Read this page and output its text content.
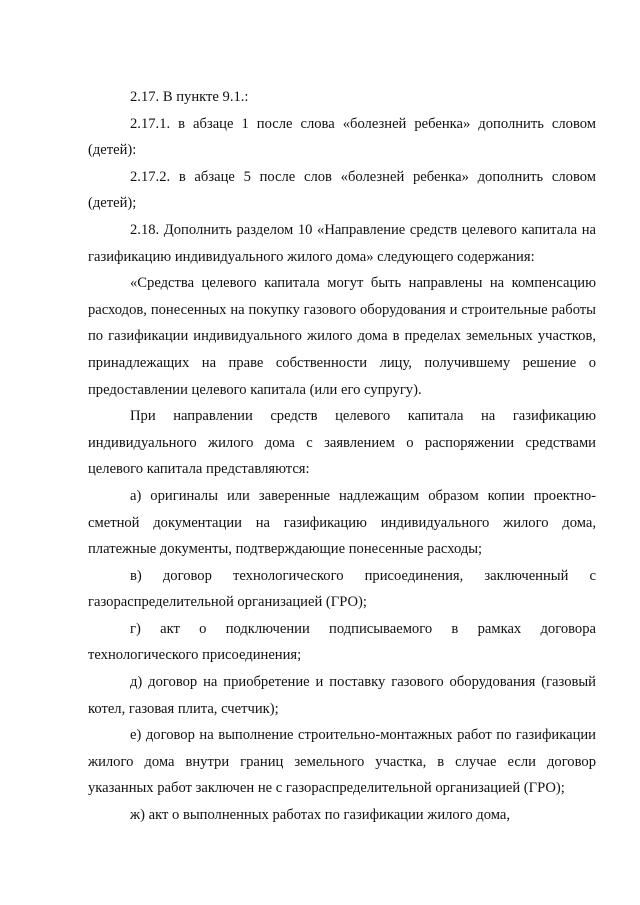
2.17. В пункте 9.1.:

2.17.1. в абзаце 1 после слова «болезней ребенка» дополнить словом (детей):

2.17.2. в абзаце 5 после слов «болезней ребенка» дополнить словом (детей);

2.18. Дополнить разделом 10 «Направление средств целевого капитала на газификацию индивидуального жилого дома» следующего содержания:

«Средства целевого капитала могут быть направлены на компенсацию расходов, понесенных на покупку газового оборудования и строительные работы по газификации индивидуального жилого дома в пределах земельных участков, принадлежащих на праве собственности лицу, получившему решение о предоставлении целевого капитала (или его супругу).

При направлении средств целевого капитала на газификацию индивидуального жилого дома с заявлением о распоряжении средствами целевого капитала представляются:

а) оригиналы или заверенные надлежащим образом копии проектно-сметной документации на газификацию индивидуального жилого дома, платежные документы, подтверждающие понесенные расходы;

в) договор технологического присоединения, заключенный с газораспределительной организацией (ГРО);

г) акт о подключении подписываемого в рамках договора технологического присоединения;

д) договор на приобретение и поставку газового оборудования (газовый котел, газовая плита, счетчик);

е) договор на выполнение строительно-монтажных работ по газификации жилого дома внутри границ земельного участка, в случае если договор указанных работ заключен не с газораспределительной организацией (ГРО);

ж) акт о выполненных работах по газификации жилого дома,
